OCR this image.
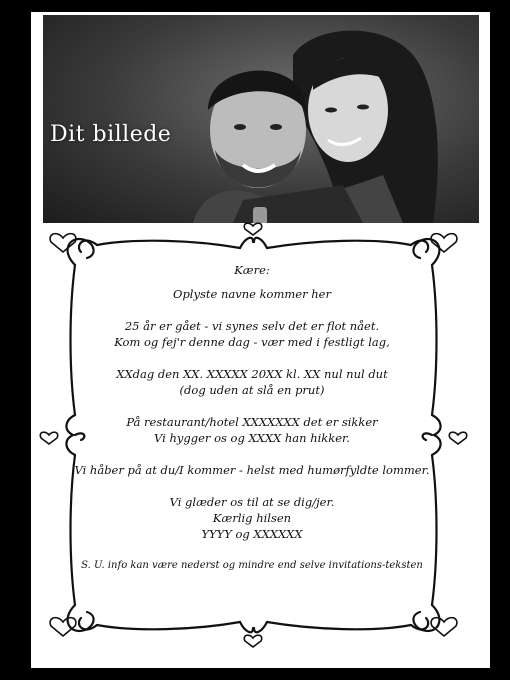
Dit billede

Kære:

Oplyste navne kommer her

25 år er gået - vi synes selv det er flot nået.

Kom og fej'r denne dag - vær med i festligt lag,

XXdag den XX. XXXXX 20XX kl. XX nul nul dut

(dog uden at slå en prut)

På restaurant/hotel XXXXXXX det er sikker

Vi hygger os og XXXX han hikker.

Vi håber på at du/I kommer - helst med humørfyldte lommer.

Vi glæder os til at se dig/jer.

Kærlig hilsen

YYYY og XXXXXX

S. U. info kan være nederst og mindre end selve invitations-teksten
